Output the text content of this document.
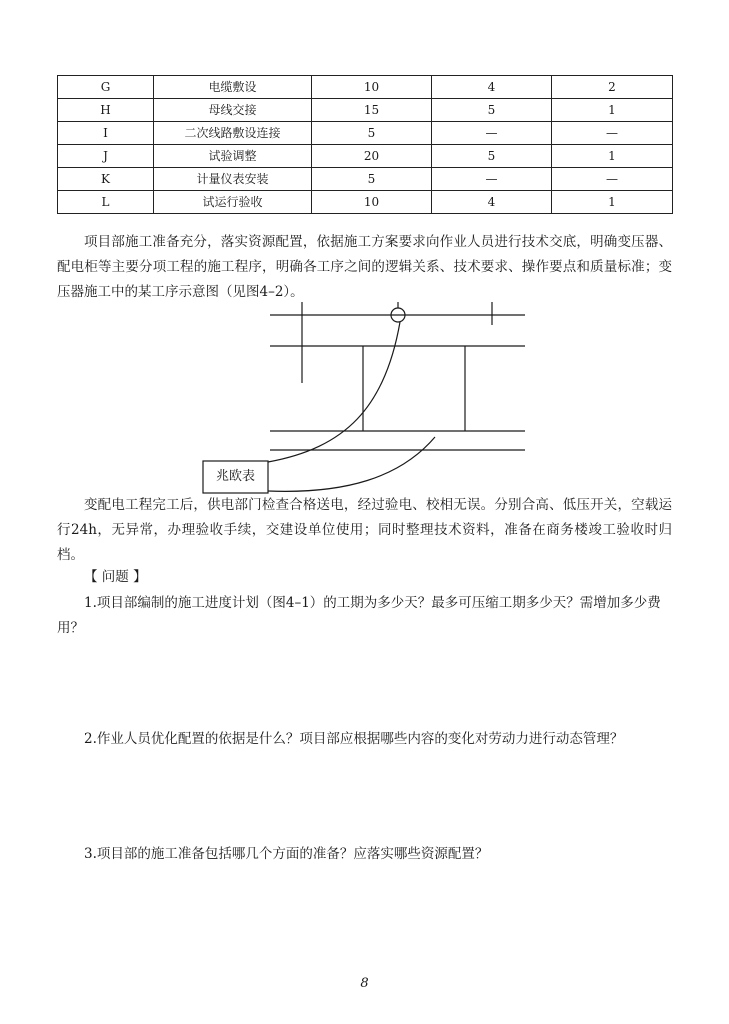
G	电缆敷设	10	4	2
H	母线交接	15	5	1
I	二次线路敷设连接	5	—	—
J	试验调整	20	5	1
K	计量仪表安装	5	—	—
L	试运行验收	10	4	1

项目部施工准备充分，落实资源配置，依据施工方案要求向作业人员进行技术交底，明确变压器、配电柜等主要分项工程的施工程序，明确各工序之间的逻辑关系、技术要求、操作要点和质量标准；变压器施工中的某工序示意图（见图4–2）。

兆欧表

变配电工程完工后，供电部门检查合格送电，经过验电、校相无误。分别合高、低压开关，空载运行24h，无异常，办理验收手续，交建设单位使用；同时整理技术资料，准备在商务楼竣工验收时归档。

【 问题 】

1.项目部编制的施工进度计划（图4–1）的工期为多少天？最多可压缩工期多少天？需增加多少费用？

2.作业人员优化配置的依据是什么？项目部应根据哪些内容的变化对劳动力进行动态管理？

3.项目部的施工准备包括哪几个方面的准备？应落实哪些资源配置？

8
